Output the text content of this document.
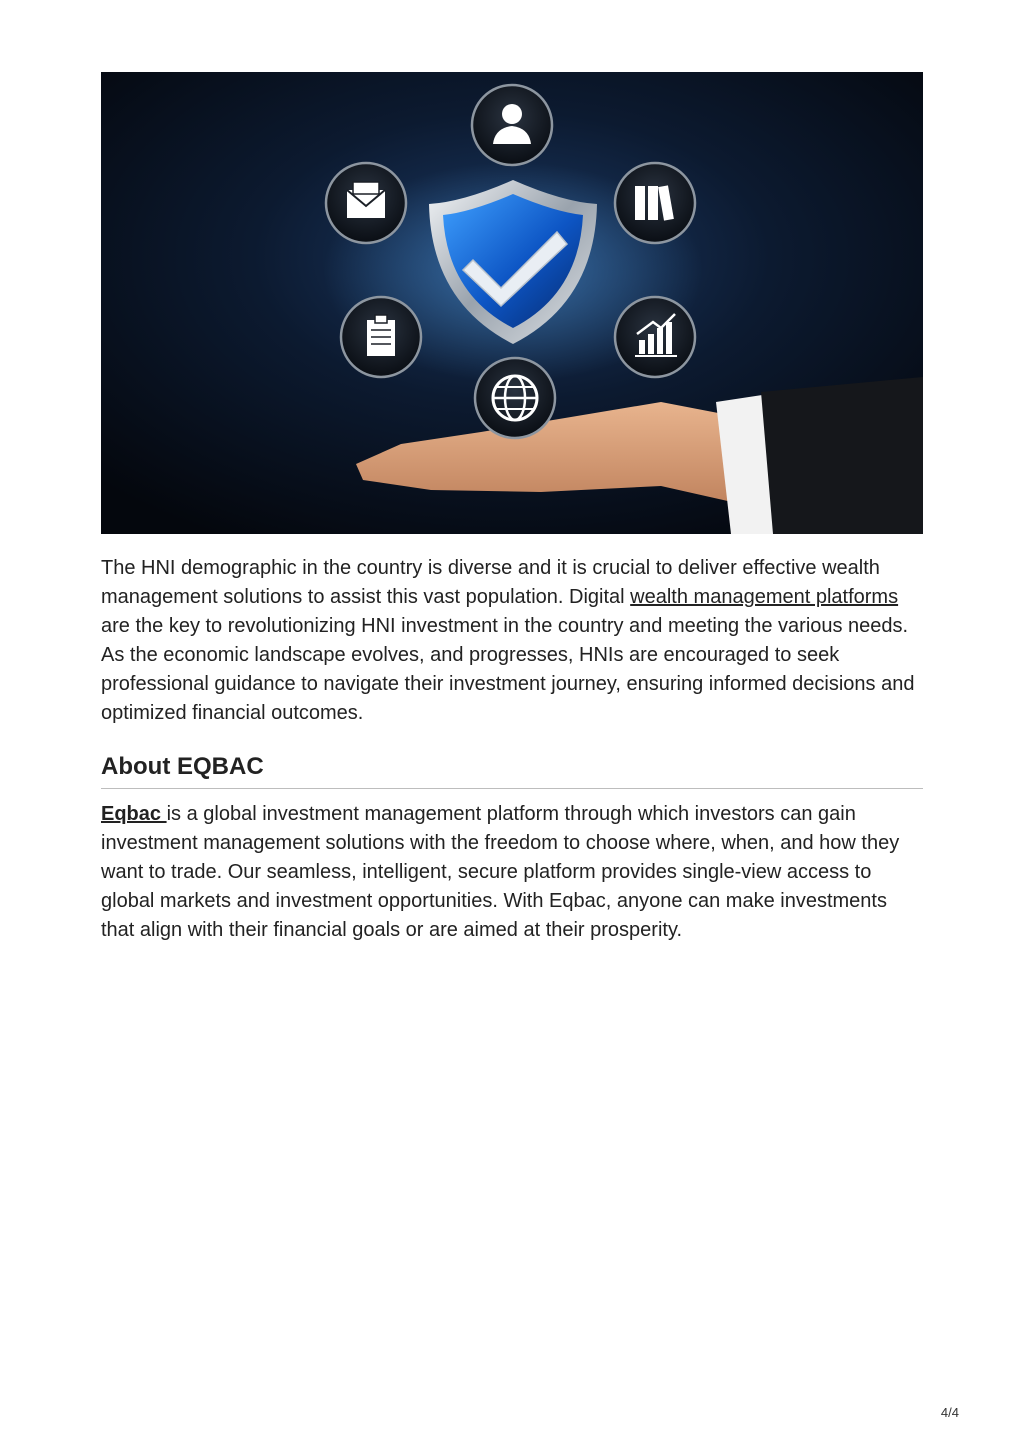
The HNI demographic in the country is diverse and it is crucial to deliver effective wealth management solutions to assist this vast population. Digital wealth management platforms are the key to revolutionizing HNI investment in the country and meeting the various needs. As the economic landscape evolves, and progresses, HNIs are encouraged to seek professional guidance to navigate their investment journey, ensuring informed decisions and optimized financial outcomes.

About EQBAC

Eqbac is a global investment management platform through which investors can gain investment management solutions with the freedom to choose where, when, and how they want to trade. Our seamless, intelligent, secure platform provides single-view access to global markets and investment opportunities. With Eqbac, anyone can make investments that align with their financial goals or are aimed at their prosperity.

4/4
